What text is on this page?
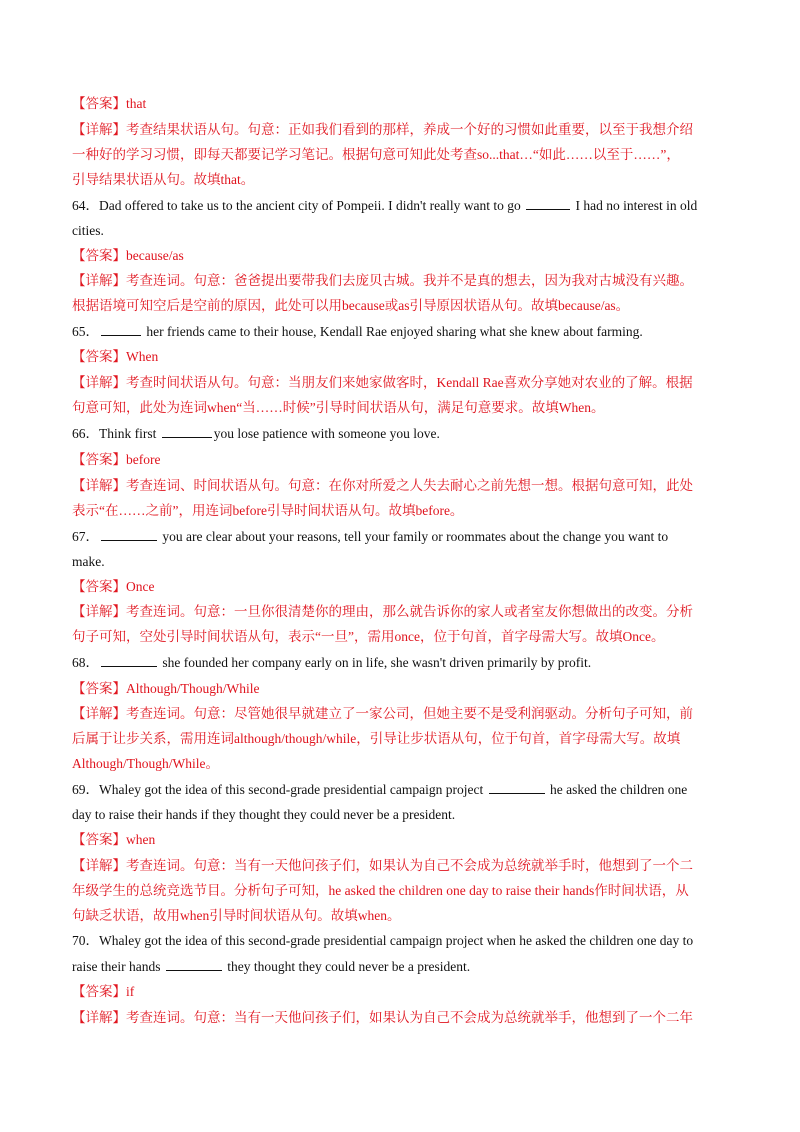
【答案】that
【详解】考查结果状语从句。句意：正如我们看到的那样，养成一个好的习惯如此重要，以至于我想介绍
一种好的学习习惯，即每天都要记学习笔记。根据句意可知此处考查so...that…“如此……以至于……”，
引导结果状语从句。故填that。
64．Dad offered to take us to the ancient city of Pompeii. I didn't really want to go	I had no interest in old
cities.
【答案】because/as
【详解】考查连词。句意：爸爸提出要带我们去庞贝古城。我并不是真的想去，因为我对古城没有兴趣。
根据语境可知空后是空前的原因，此处可以用because或as引导原因状语从句。故填because/as。
65．	her friends came to their house, Kendall Rae enjoyed sharing what she knew about farming.
【答案】When
【详解】考查时间状语从句。句意：当朋友们来她家做客时，Kendall Rae喜欢分享她对农业的了解。根据
句意可知，此处为连词when“当……时候”引导时间状语从句，满足句意要求。故填When。
66．Think first	you lose patience with someone you love.
【答案】before
【详解】考查连词、时间状语从句。句意：在你对所爱之人失去耐心之前先想一想。根据句意可知，此处
表示“在……之前”，用连词before引导时间状语从句。故填before。
67．	you are clear about your reasons, tell your family or roommates about the change you want to
make.
【答案】Once
【详解】考查连词。句意：一旦你很清楚你的理由，那么就告诉你的家人或者室友你想做出的改变。分析
句子可知，空处引导时间状语从句，表示“一旦”，需用once，位于句首，首字母需大写。故填Once。
68．	she founded her company early on in life, she wasn't driven primarily by profit.
【答案】Although/Though/While
【详解】考查连词。句意：尽管她很早就建立了一家公司，但她主要不是受利润驱动。分析句子可知，前
后属于让步关系，需用连词although/though/while，引导让步状语从句，位于句首，首字母需大写。故填
Although/Though/While。
69．Whaley got the idea of this second-grade presidential campaign project	he asked the children one
day to raise their hands if they thought they could never be a president.
【答案】when
【详解】考查连词。句意：当有一天他问孩子们，如果认为自己不会成为总统就举手时，他想到了一个二
年级学生的总统竞选节目。分析句子可知，he asked the children one day to raise their hands作时间状语，从
句缺乏状语，故用when引导时间状语从句。故填when。
70．Whaley got the idea of this second-grade presidential campaign project when he asked the children one day to
raise their hands	they thought they could never be a president.
【答案】if
【详解】考查连词。句意：当有一天他问孩子们，如果认为自己不会成为总统就举手，他想到了一个二年
